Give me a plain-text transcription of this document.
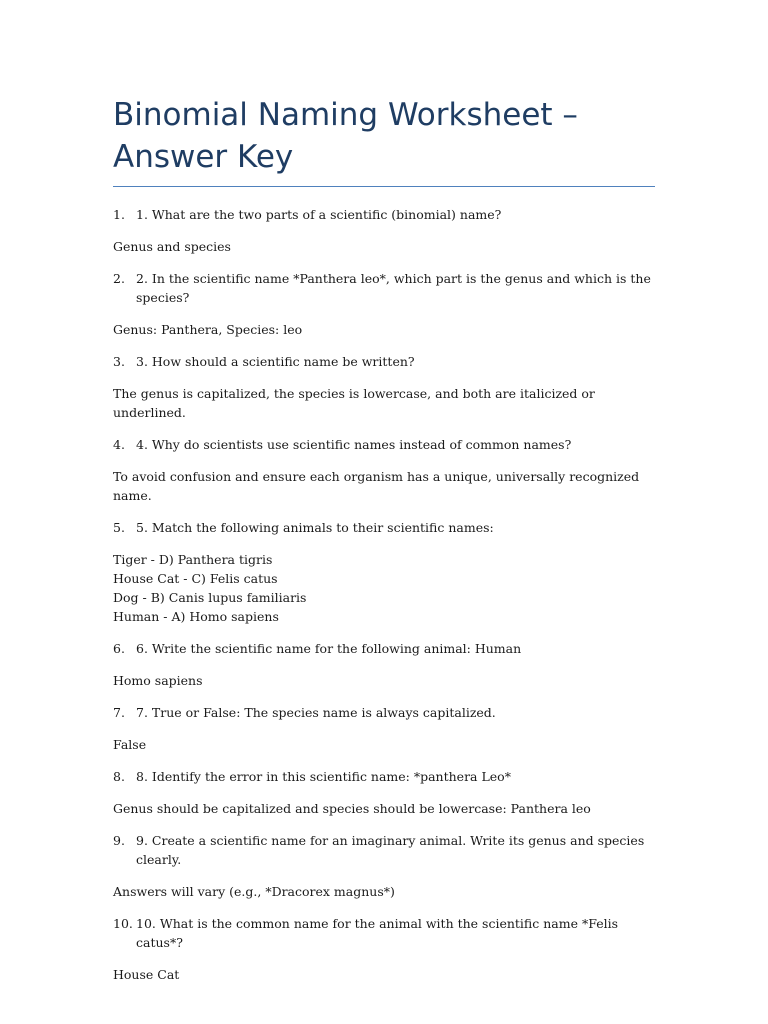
Binomial Naming Worksheet – Answer Key
1. 1. What are the two parts of a scientific (binomial) name?
Genus and species
2. 2. In the scientific name *Panthera leo*, which part is the genus and which is the species?
Genus: Panthera, Species: leo
3. 3. How should a scientific name be written?
The genus is capitalized, the species is lowercase, and both are italicized or underlined.
4. 4. Why do scientists use scientific names instead of common names?
To avoid confusion and ensure each organism has a unique, universally recognized name.
5. 5. Match the following animals to their scientific names:
Tiger - D) Panthera tigris
House Cat - C) Felis catus
Dog - B) Canis lupus familiaris
Human - A) Homo sapiens
6. 6. Write the scientific name for the following animal: Human
Homo sapiens
7. 7. True or False: The species name is always capitalized.
False
8. 8. Identify the error in this scientific name: *panthera Leo*
Genus should be capitalized and species should be lowercase: Panthera leo
9. 9. Create a scientific name for an imaginary animal. Write its genus and species clearly.
Answers will vary (e.g., *Dracorex magnus*)
10. 10. What is the common name for the animal with the scientific name *Felis catus*?
House Cat
